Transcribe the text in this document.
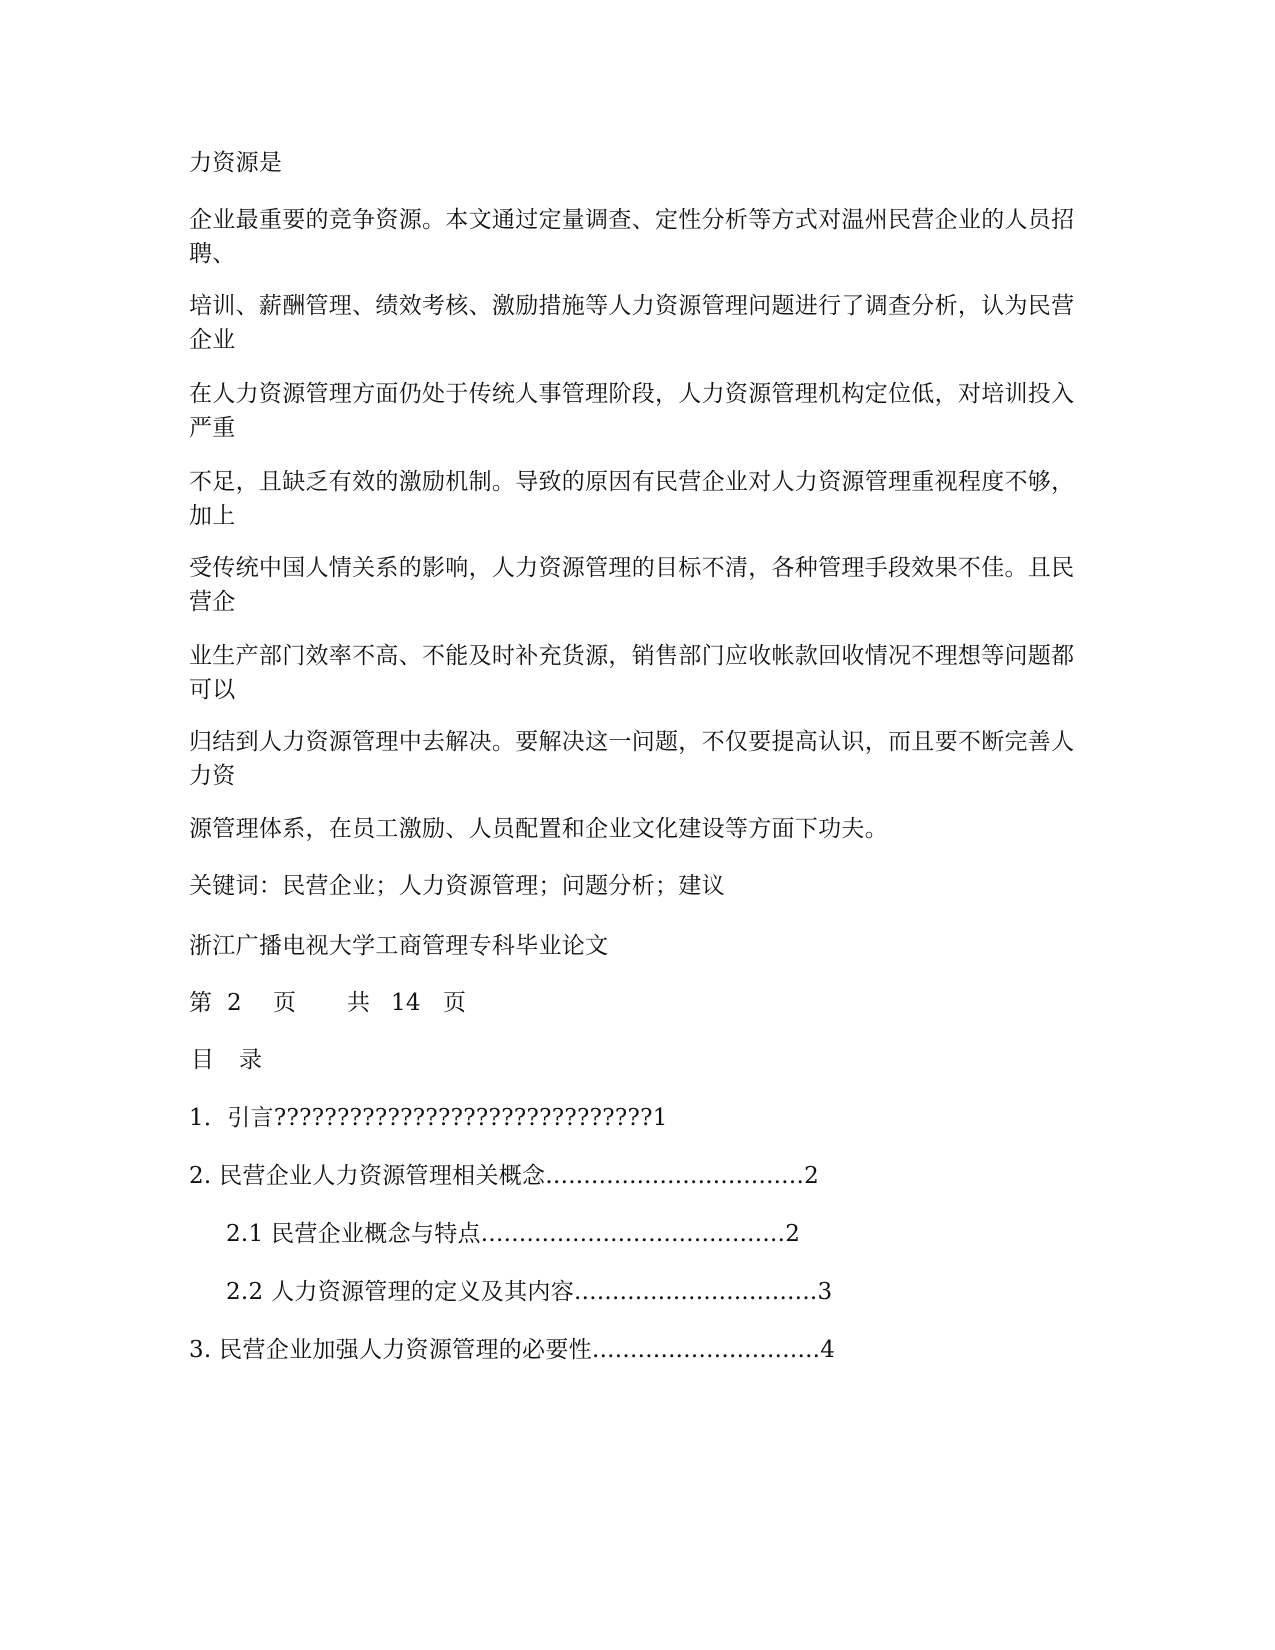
力资源是
企业最重要的竞争资源。本文通过定量调查、定性分析等方式对温州民营企业的人员招聘、
培训、薪酬管理、绩效考核、激励措施等人力资源管理问题进行了调查分析，认为民营企业
在人力资源管理方面仍处于传统人事管理阶段，人力资源管理机构定位低，对培训投入严重
不足，且缺乏有效的激励机制。导致的原因有民营企业对人力资源管理重视程度不够，加上
受传统中国人情关系的影响，人力资源管理的目标不清，各种管理手段效果不佳。且民营企
业生产部门效率不高、不能及时补充货源，销售部门应收帐款回收情况不理想等问题都可以
归结到人力资源管理中去解决。要解决这一问题，不仅要提高认识，而且要不断完善人力资
源管理体系，在员工激励、人员配置和企业文化建设等方面下功夫。
关键词：民营企业；人力资源管理；问题分析；建议
浙江广播电视大学工商管理专科毕业论文
第 2 页 共 14 页
目 录
1．引言??????????????????????????????1
2. 民营企业人力资源管理相关概念..................................2
2.1 民营企业概念与特点........................................2
2.2 人力资源管理的定义及其内容................................3
3. 民营企业加强人力资源管理的必要性..............................4
